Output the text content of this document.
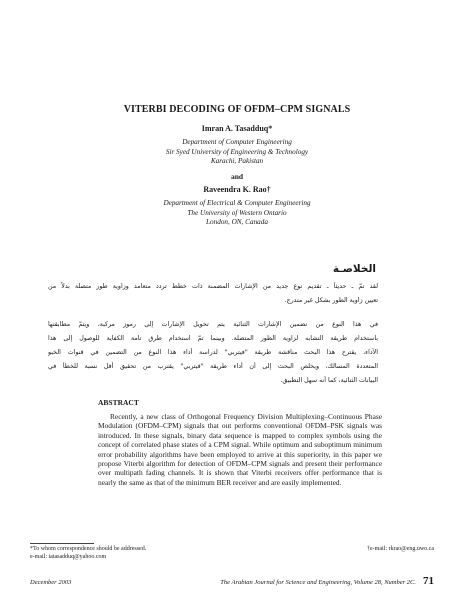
VITERBI DECODING OF OFDM–CPM SIGNALS
Imran A. Tasadduq*
Department of Computer Engineering
Sir Syed University of Engineering & Technology
Karachi, Pakistan
and
Raveendra K. Rao†
Department of Electrical & Computer Engineering
The University of Western Ontario
London, ON, Canada
الخلاصـة
لقد تمّ ـ حديثاً ـ تقديم نوع جديد من الإشارات المضمنة ذات خطط تردد متعامد وزاوية طور متصلة بدلاً من
تعيين زاوية الطور بشكل غير متدرج.
في هذا النوع من تضمين الإشارات الثنائية يتم تحويل الإشارات إلى رموز مركبة، ويتمّ مطابقتها
باستخدام طريقة التشابه لزاوية الطور المتصلة. وبينما تمّ استخدام طرق تامة الكفاية للوصول إلى هذا
الأداء، يقترح هذا البحث مناقشة طريقة "فيتربي" لدراسة أداء هذا النوع من التضمين في قنوات الخبو
المتعددة المسالك، ويخلص البحث إلى أن أداء طريقة "فيتربي" يقترب من تحقيق أقل نسبة للخطأ في
البيانات الثنائية، كما أنه سهل التطبيق.
ABSTRACT
Recently, a new class of Orthogonal Frequency Division Multiplexing–Continuous Phase Modulation (OFDM–CPM) signals that out performs conventional OFDM–PSK signals was introduced. In these signals, binary data sequence is mapped to complex symbols using the concept of correlated phase states of a CPM signal. While optimum and suboptimum minimum error probability algorithms have been employed to arrive at this superiority, in this paper we propose Viterbi algorithm for detection of OFDM–CPM signals and present their performance over multipath fading channels. It is shown that Viterbi receivers offer performance that is nearly the same as that of the minimum BER receiver and are easily implemented.
*To whom correspondence should be addressed.
e-mail: iatasadduq@yahoo.com
†e-mail: rkrao@eng.uwo.ca
December 2003	The Arabian Journal for Science and Engineering, Volume 28, Number 2C. 71
